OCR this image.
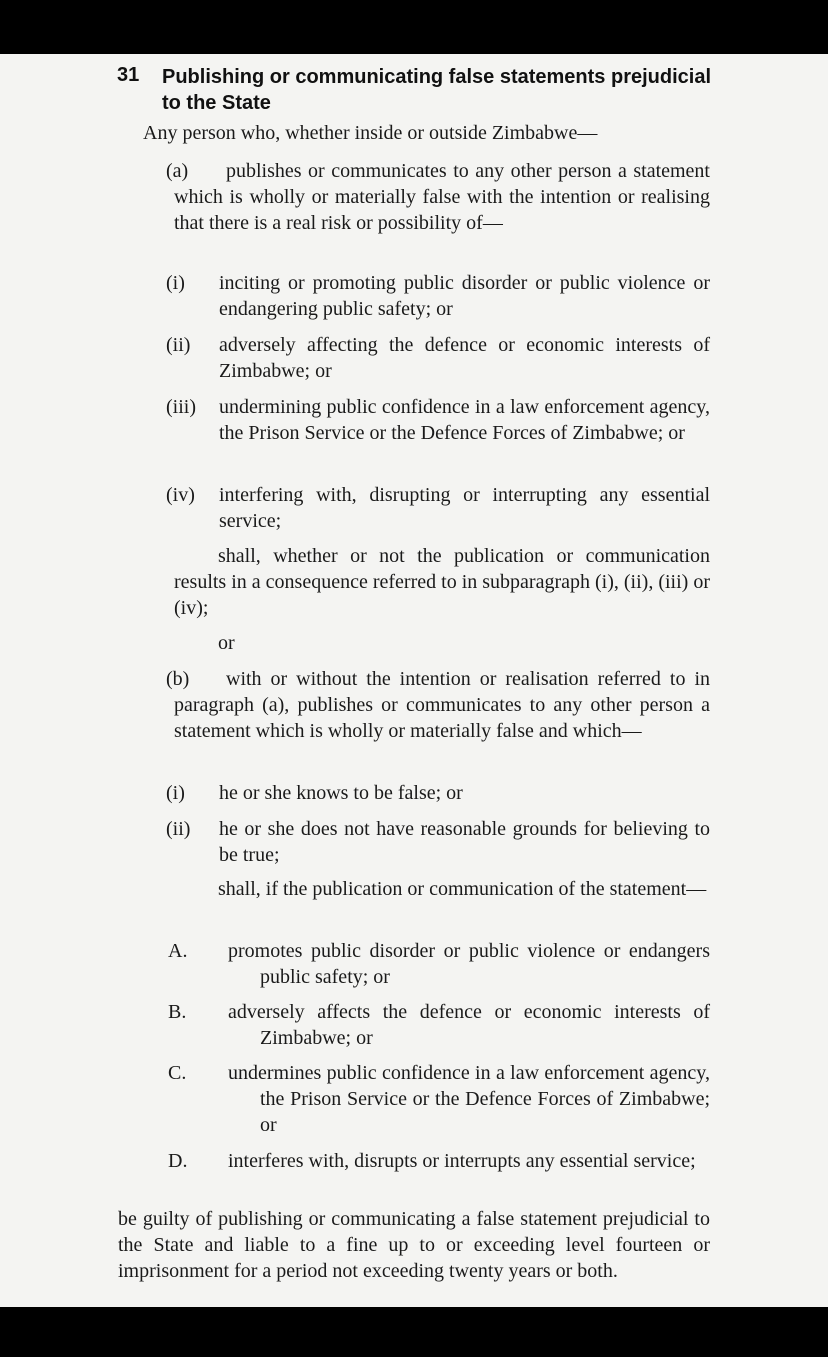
31 Publishing or communicating false statements prejudicial to the State
Any person who, whether inside or outside Zimbabwe—
(a)	publishes or communicates to any other person a statement which is wholly or materially false with the intention or realising that there is a real risk or possibility of—
(i) inciting or promoting public disorder or public violence or endangering public safety; or
(ii) adversely affecting the defence or economic interests of Zimbabwe; or
(iii) undermining public confidence in a law enforcement agency, the Prison Service or the Defence Forces of Zimbabwe; or
(iv) interfering with, disrupting or interrupting any essential service;
shall, whether or not the publication or communication results in a consequence referred to in subparagraph (i), (ii), (iii) or (iv);
or
(b)	with or without the intention or realisation referred to in paragraph (a), publishes or communicates to any other person a statement which is wholly or materially false and which—
(i) he or she knows to be false; or
(ii) he or she does not have reasonable grounds for believing to be true;
shall, if the publication or communication of the statement—
A. promotes public disorder or public violence or endangers public safety; or
B. adversely affects the defence or economic interests of Zimbabwe; or
C. undermines public confidence in a law enforcement agency, the Prison Service or the Defence Forces of Zimbabwe; or
D. interferes with, disrupts or interrupts any essential service;
be guilty of publishing or communicating a false statement prejudicial to the State and liable to a fine up to or exceeding level fourteen or imprisonment for a period not exceeding twenty years or both.
